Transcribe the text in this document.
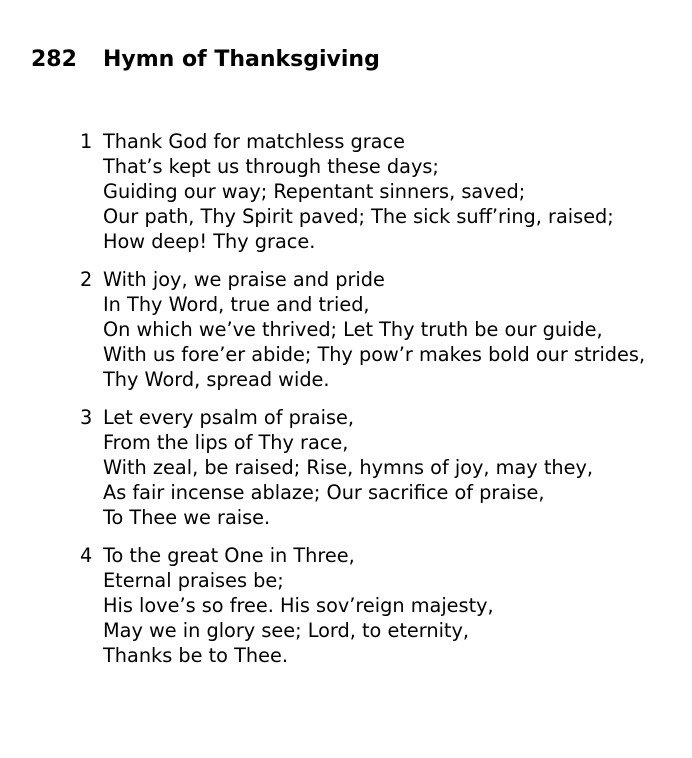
282 Hymn of Thanksgiving
1 Thank God for matchless grace
That’s kept us through these days;
Guiding our way; Repentant sinners, saved;
Our path, Thy Spirit paved; The sick suff’ring, raised;
How deep! Thy grace.
2 With joy, we praise and pride
In Thy Word, true and tried,
On which we’ve thrived; Let Thy truth be our guide,
With us fore’er abide; Thy pow’r makes bold our strides,
Thy Word, spread wide.
3 Let every psalm of praise,
From the lips of Thy race,
With zeal, be raised; Rise, hymns of joy, may they,
As fair incense ablaze; Our sacrifice of praise,
To Thee we raise.
4 To the great One in Three,
Eternal praises be;
His love’s so free. His sov’reign majesty,
May we in glory see; Lord, to eternity,
Thanks be to Thee.
